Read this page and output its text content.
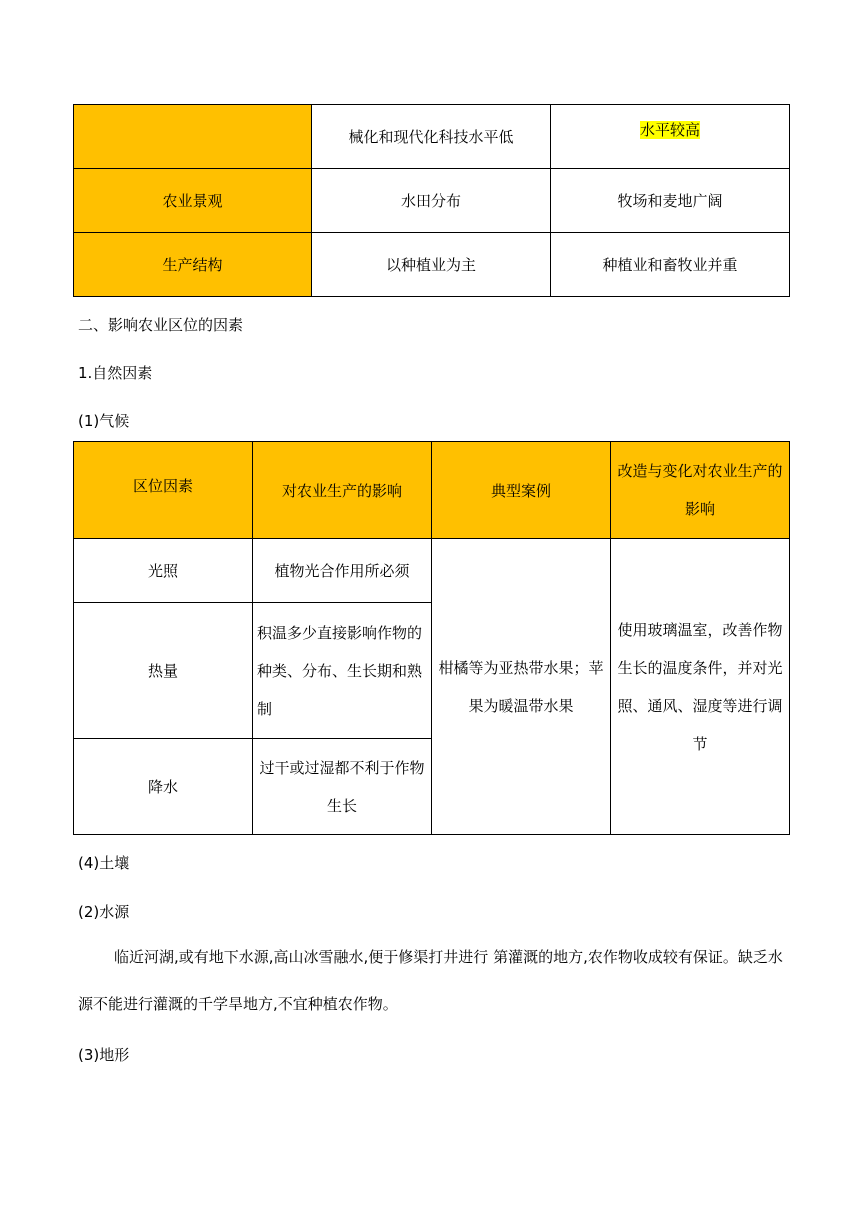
	械化和现代化科技水平低	水平较高
农业景观	水田分布	牧场和麦地广阔
生产结构	以种植业为主	种植业和畜牧业并重
二、影响农业区位的因素
1.自然因素
(1)气候
区位因素	对农业生产的影响	典型案例	改造与变化对农业生产的影响
光照	植物光合作用所必须	柑橘等为亚热带水果；苹果为暖温带水果	使用玻璃温室，改善作物生长的温度条件，并对光照、通风、湿度等进行调节
热量	积温多少直接影响作物的种类、分布、生长期和熟制		
降水	过干或过湿都不利于作物生长		
(4)土壤
(2)水源
临近河湖,或有地下水源,高山冰雪融水,便于修渠打井进行 第灌溉的地方,农作物收成较有保证。缺乏水源不能进行灌溉的千学旱地方,不宜种植农作物。
(3)地形
